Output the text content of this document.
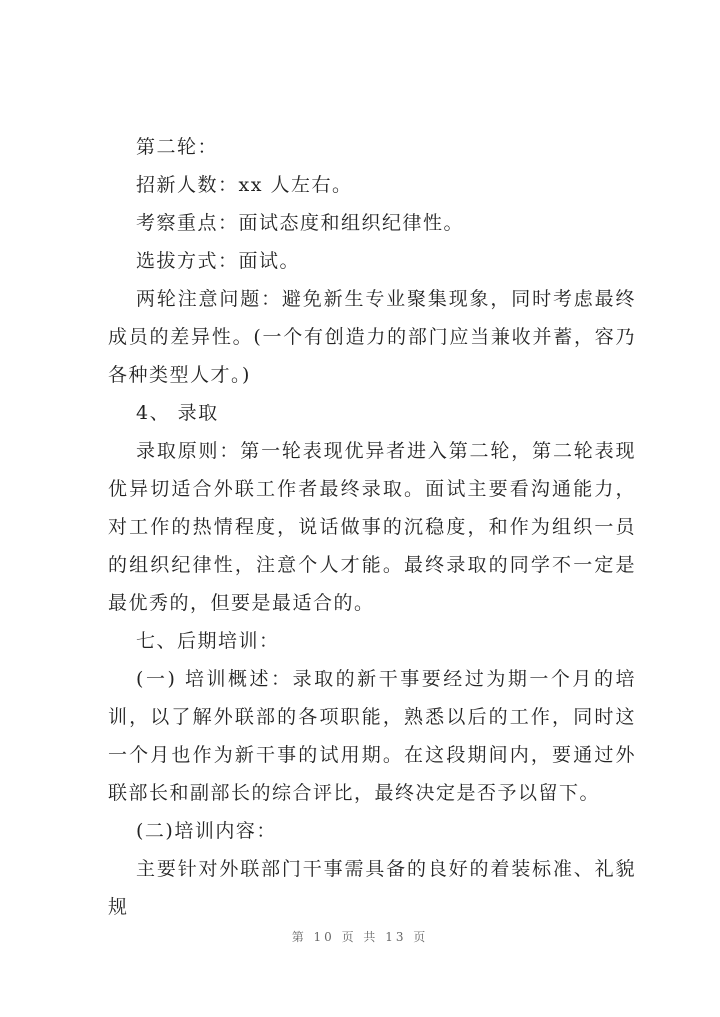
第二轮：

招新人数：xx 人左右。

考察重点：面试态度和组织纪律性。

选拔方式：面试。

两轮注意问题：避免新生专业聚集现象，同时考虑最终成员的差异性。(一个有创造力的部门应当兼收并蓄，容乃各种类型人才。)

4、 录取

录取原则：第一轮表现优异者进入第二轮，第二轮表现优异切适合外联工作者最终录取。面试主要看沟通能力，对工作的热情程度，说话做事的沉稳度，和作为组织一员的组织纪律性，注意个人才能。最终录取的同学不一定是最优秀的，但要是最适合的。

七、后期培训：

(一) 培训概述：录取的新干事要经过为期一个月的培训，以了解外联部的各项职能，熟悉以后的工作，同时这一个月也作为新干事的试用期。在这段期间内，要通过外联部长和副部长的综合评比，最终决定是否予以留下。

(二)培训内容：

主要针对外联部门干事需具备的良好的着装标准、礼貌规

第 10 页 共 13 页
